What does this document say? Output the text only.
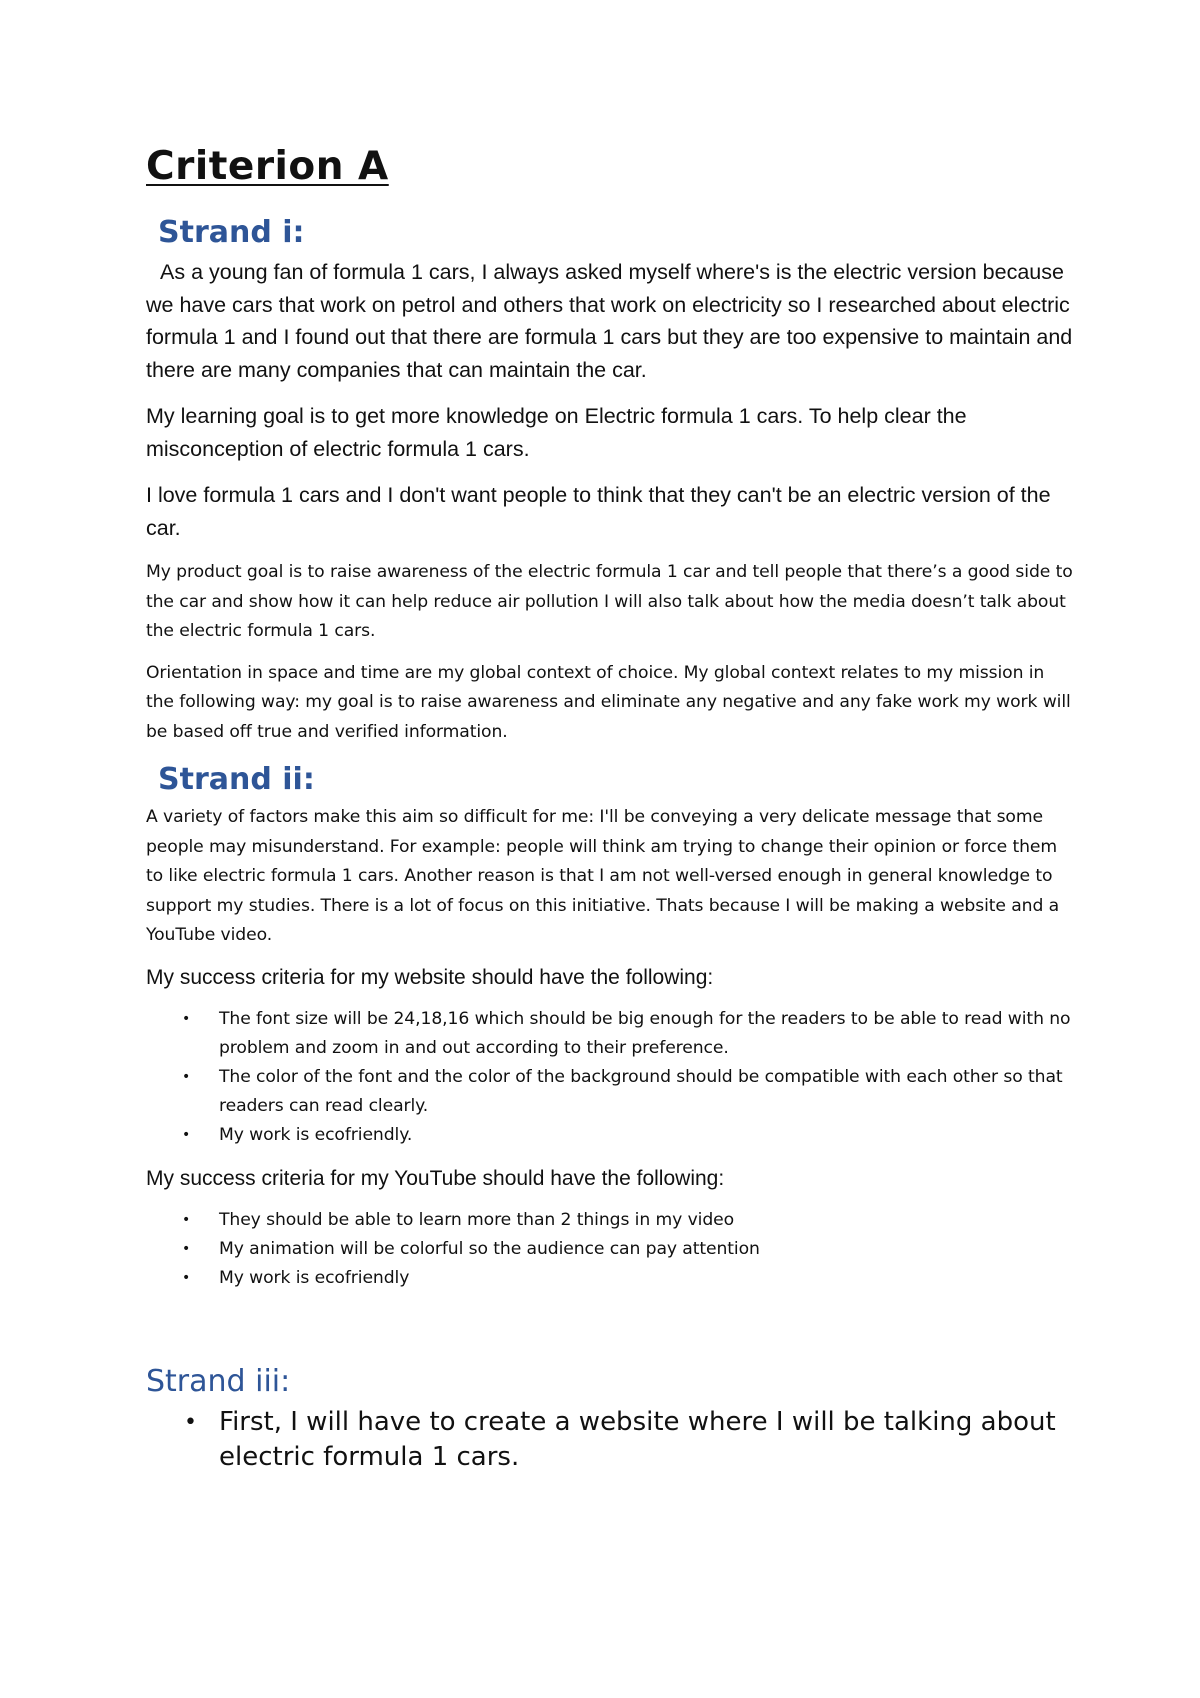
Criterion A
Strand i:

As a young fan of formula 1 cars, I always asked myself where's is the electric version because we have cars that work on petrol and others that work on electricity so I researched about electric formula 1 and I found out that there are formula 1 cars but they are too expensive to maintain and there are many companies that can maintain the car.

My learning goal is to get more knowledge on Electric formula 1 cars. To help clear the misconception of electric formula 1 cars.

I love formula 1 cars and I don't want people to think that they can't be an electric version of the car.

My product goal is to raise awareness of the electric formula 1 car and tell people that there’s a good side to the car and show how it can help reduce air pollution I will also talk about how the media doesn’t talk about the electric formula 1 cars.

Orientation in space and time are my global context of choice. My global context relates to my mission in the following way: my goal is to raise awareness and eliminate any negative and any fake work my work will be based off true and verified information.

Strand ii:

A variety of factors make this aim so difficult for me: I'll be conveying a very delicate message that some people may misunderstand. For example: people will think am trying to change their opinion or force them to like electric formula 1 cars. Another reason is that I am not well-versed enough in general knowledge to support my studies. There is a lot of focus on this initiative. Thats because I will be making a website and a YouTube video.

My success criteria for my website should have the following:

• The font size will be 24,18,16 which should be big enough for the readers to be able to read with no problem and zoom in and out according to their preference.
• The color of the font and the color of the background should be compatible with each other so that readers can read clearly.
• My work is ecofriendly.

My success criteria for my YouTube should have the following:

• They should be able to learn more than 2 things in my video
• My animation will be colorful so the audience can pay attention
• My work is ecofriendly
Strand iii:
• First, I will have to create a website where I will be talking about electric formula 1 cars.
